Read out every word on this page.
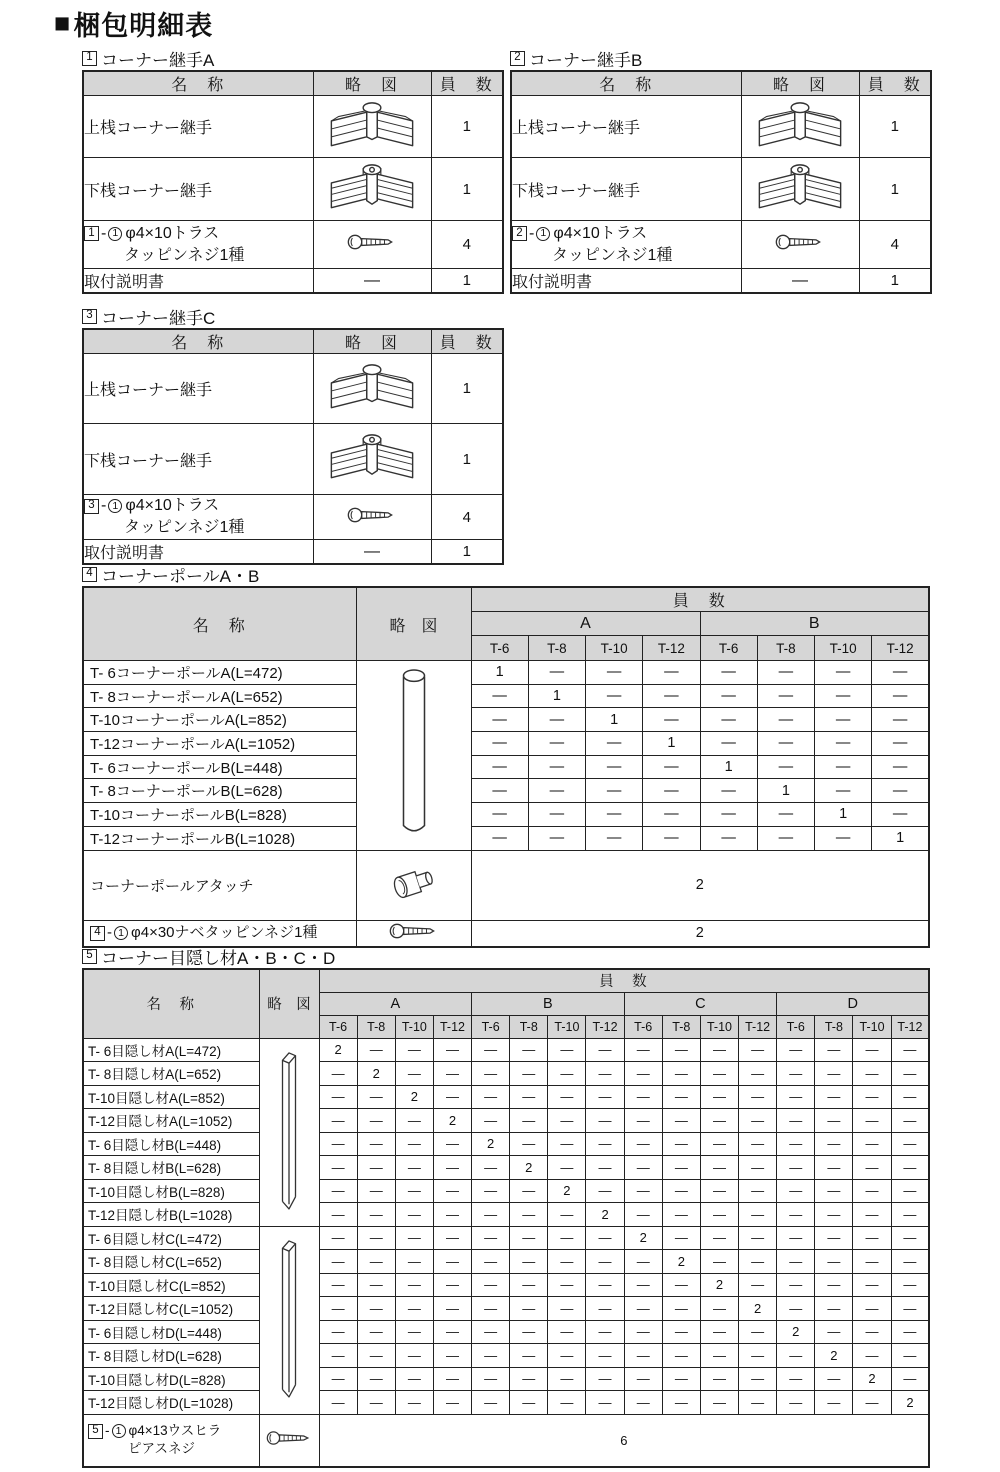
■ 梱包明細表
1 コーナー継手A
名　称	略　図	員　数
上桟コーナー継手		1
下桟コーナー継手		1

1 - 1 φ4×10トラス
タッピンネジ1種		4
取付説明書	—	1
2 コーナー継手B
名　称	略　図	員　数
上桟コーナー継手		1
下桟コーナー継手		1

2 - 1 φ4×10トラス
タッピンネジ1種		4
取付説明書	—	1
3 コーナー継手C
名　称	略　図	員　数
上桟コーナー継手		1
下桟コーナー継手		1

3 - 1 φ4×10トラス
タッピンネジ1種		4
取付説明書	—	1
4 コーナーポールA・B
名　称	略　図	員　数							
		A				B			
		T-6	T-8	T-10	T-12	T-6	T-8	T-10	T-12
T- 6コーナーポールA(L=472)		1	—	—	—	—	—	—	—
T- 8コーナーポールA(L=652)		—	1	—	—	—	—	—	—
T-10コーナーポールA(L=852)		—	—	1	—	—	—	—	—
T-12コーナーポールA(L=1052)		—	—	—	1	—	—	—	—
T- 6コーナーポールB(L=448)		—	—	—	—	1	—	—	—
T- 8コーナーポールB(L=628)		—	—	—	—	—	1	—	—
T-10コーナーポールB(L=828)		—	—	—	—	—	—	1	—
T-12コーナーポールB(L=1028)		—	—	—	—	—	—	—	1
コーナーポールアタッチ		2							

4 - 1 φ4×30ナベタッピンネジ1種		2							
5 コーナー目隠し材A・B・C・D
名　称	略　図	員　数															
		A				B				C				D			
		T-6	T-8	T-10	T-12	T-6	T-8	T-10	T-12	T-6	T-8	T-10	T-12	T-6	T-8	T-10	T-12
T- 6目隠し材A(L=472)		2	—	—	—	—	—	—	—	—	—	—	—	—	—	—	—
T- 8目隠し材A(L=652)		—	2	—	—	—	—	—	—	—	—	—	—	—	—	—	—
T-10目隠し材A(L=852)		—	—	2	—	—	—	—	—	—	—	—	—	—	—	—	—
T-12目隠し材A(L=1052)		—	—	—	2	—	—	—	—	—	—	—	—	—	—	—	—
T- 6目隠し材B(L=448)		—	—	—	—	2	—	—	—	—	—	—	—	—	—	—	—
T- 8目隠し材B(L=628)		—	—	—	—	—	2	—	—	—	—	—	—	—	—	—	—
T-10目隠し材B(L=828)		—	—	—	—	—	—	2	—	—	—	—	—	—	—	—	—
T-12目隠し材B(L=1028)		—	—	—	—	—	—	—	2	—	—	—	—	—	—	—	—
T- 6目隠し材C(L=472)		—	—	—	—	—	—	—	—	2	—	—	—	—	—	—	—
T- 8目隠し材C(L=652)		—	—	—	—	—	—	—	—	—	2	—	—	—	—	—	—
T-10目隠し材C(L=852)		—	—	—	—	—	—	—	—	—	—	2	—	—	—	—	—
T-12目隠し材C(L=1052)		—	—	—	—	—	—	—	—	—	—	—	2	—	—	—	—
T- 6目隠し材D(L=448)		—	—	—	—	—	—	—	—	—	—	—	—	2	—	—	—
T- 8目隠し材D(L=628)		—	—	—	—	—	—	—	—	—	—	—	—	—	2	—	—
T-10目隠し材D(L=828)		—	—	—	—	—	—	—	—	—	—	—	—	—	—	2	—
T-12目隠し材D(L=1028)		—	—	—	—	—	—	—	—	—	—	—	—	—	—	—	2

5 - 1 φ4×13ウスヒラ
ピアスネジ		6															
